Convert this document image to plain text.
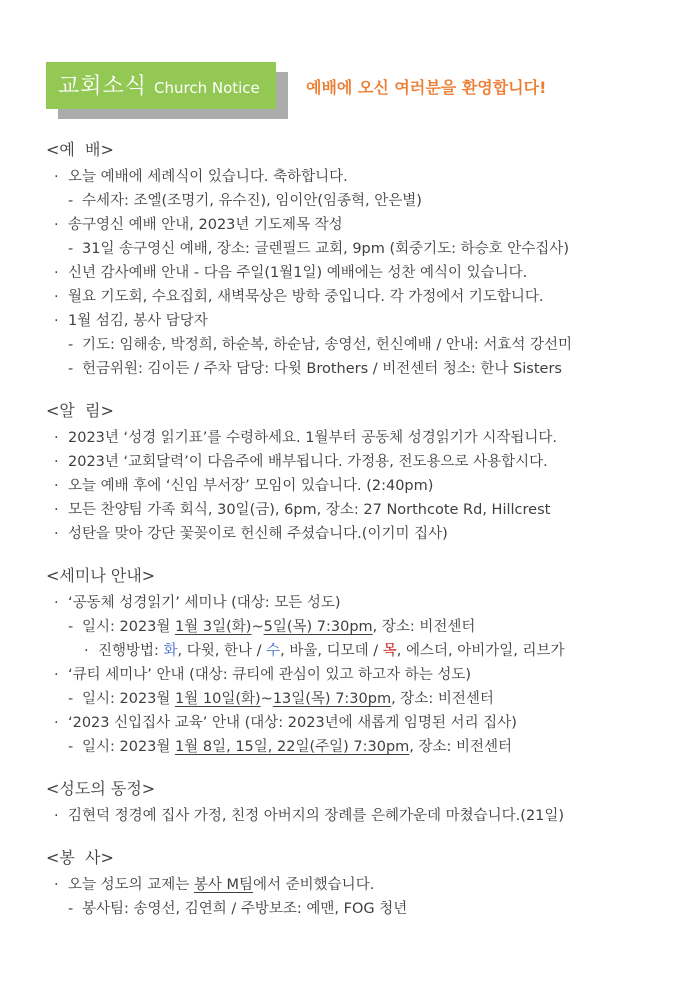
교회소식 Church Notice	예배에 오신 여러분을 환영합니다!
<예  배>
· 오늘 예배에 세례식이 있습니다. 축하합니다.
- 수세자: 조엘(조명기, 유수진), 임이안(임종혁, 안은별)
· 송구영신 예배 안내, 2023년 기도제목 작성
- 31일 송구영신 예배, 장소: 글렌필드 교회, 9pm (회중기도: 하승호 안수집사)
· 신년 감사예배 안내 - 다음 주일(1월1일) 예배에는 성찬 예식이 있습니다.
· 월요 기도회, 수요집회, 새벽묵상은 방학 중입니다. 각 가정에서 기도합니다.
· 1월 섬김, 봉사 담당자
- 기도: 임해송, 박정희, 하순복, 하순남, 송영선, 헌신예배 / 안내: 서효석 강선미
- 헌금위원: 김이든 / 주차 담당: 다윗 Brothers / 비전센터 청소: 한나 Sisters
<알  림>
· 2023년 ‘성경 읽기표’를 수령하세요. 1월부터 공동체 성경읽기가 시작됩니다.
· 2023년 ‘교회달력’이 다음주에 배부됩니다. 가정용, 전도용으로 사용합시다.
· 오늘 예배 후에 ‘신임 부서장’ 모임이 있습니다. (2:40pm)
· 모든 찬양팀 가족 회식, 30일(금), 6pm, 장소: 27 Northcote Rd, Hillcrest
· 성탄을 맞아 강단 꽃꽂이로 헌신해 주셨습니다.(이기미 집사)
<세미나 안내>
· ‘공동체 성경읽기’ 세미나 (대상: 모든 성도)
- 일시: 2023월 1월 3일(화)~5일(목) 7:30pm, 장소: 비전센터
· 진행방법: 화, 다윗, 한나 / 수, 바울, 디모데 / 목, 에스더, 아비가일, 리브가
· ‘큐티 세미나’ 안내 (대상: 큐티에 관심이 있고 하고자 하는 성도)
- 일시: 2023월 1월 10일(화)~13일(목) 7:30pm, 장소: 비전센터
· ‘2023 신입집사 교육’ 안내 (대상: 2023년에 새롭게 임명된 서리 집사)
- 일시: 2023월 1월 8일, 15일, 22일(주일) 7:30pm, 장소: 비전센터
<성도의 동정>
· 김현덕 정경예 집사 가정, 친정 아버지의 장례를 은혜가운데 마쳤습니다.(21일)
<봉  사>
· 오늘 성도의 교제는 봉사 M팀에서 준비했습니다.
- 봉사팀: 송영선, 김연희 / 주방보조: 예맨, FOG 청년
